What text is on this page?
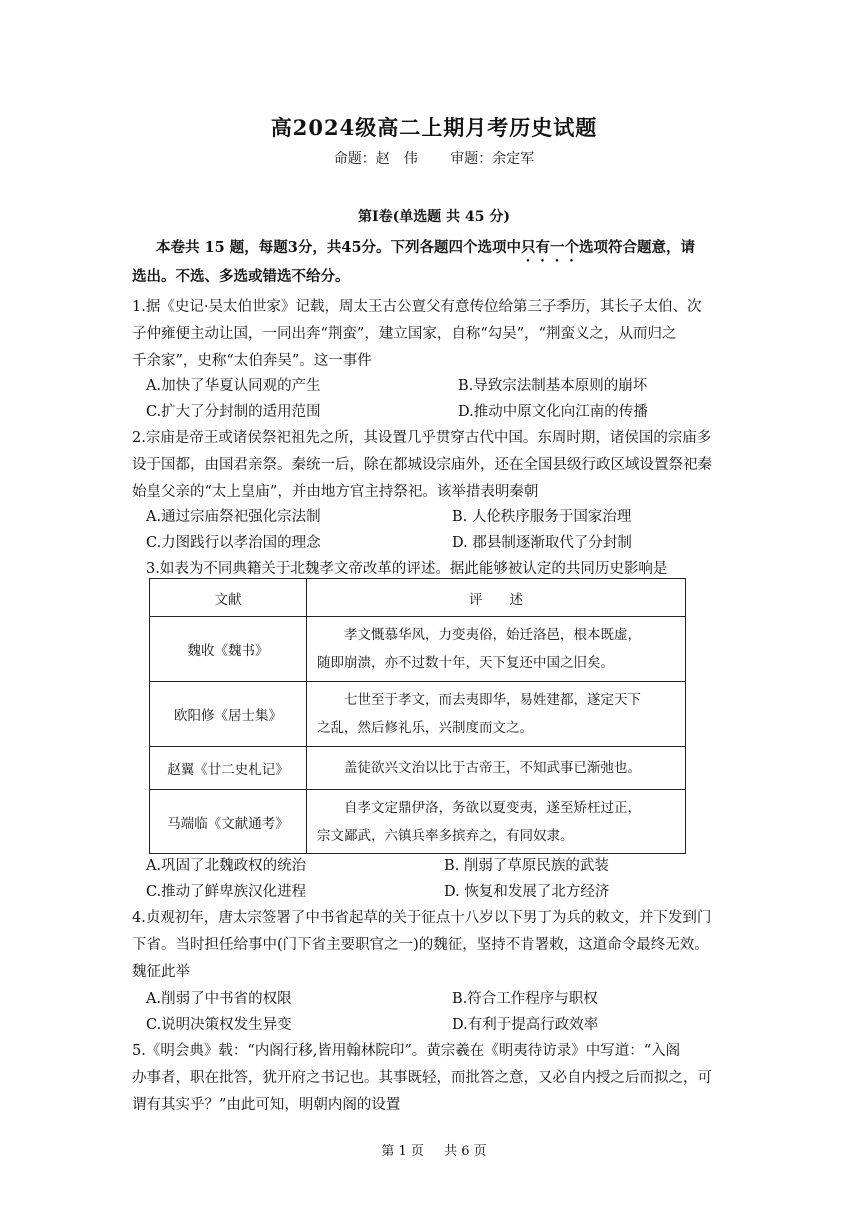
高2024级高二上期月考历史试题
命题：赵　伟 审题：余定军
第Ⅰ卷(单选题 共 45 分)
本卷共 15 题，每题3分，共45分。下列各题四个选项中只有一个选项符合题意，请
选出。不选、多选或错选不给分。
1.据《史记·吴太伯世家》记载，周太王古公亶父有意传位给第三子季历，其长子太伯、次
子仲雍便主动让国，一同出奔“荆蛮”，建立国家，自称“勾吴”，“荆蛮义之，从而归之
千余家”，史称“太伯奔吴”。这一事件
A.加快了华夏认同观的产生	B.导致宗法制基本原则的崩坏
C.扩大了分封制的适用范围	D.推动中原文化向江南的传播
2.宗庙是帝王或诸侯祭祀祖先之所，其设置几乎贯穿古代中国。东周时期，诸侯国的宗庙多
设于国都，由国君亲祭。秦统一后，除在都城设宗庙外，还在全国县级行政区域设置祭祀秦
始皇父亲的“太上皇庙”，并由地方官主持祭祀。该举措表明秦朝
A.通过宗庙祭祀强化宗法制	B. 人伦秩序服务于国家治理
C.力图践行以孝治国的理念	D. 郡县制逐渐取代了分封制
3.如表为不同典籍关于北魏孝文帝改革的评述。据此能够被认定的共同历史影响是
文献	评　　述
魏收《魏书》	孝文慨慕华风，力变夷俗，始迁洛邑，根本既虚，
随即崩溃，亦不过数十年，天下复还中国之旧矣。

欧阳修《居士集》	七世至于孝文，而去夷即华，易姓建都，遂定天下
之乱，然后修礼乐，兴制度而文之。

赵翼《廿二史札记》	盖徒欲兴文治以比于古帝王，不知武事已渐弛也。

马端临《文献通考》	自孝文定鼎伊洛，务欲以夏变夷，遂至矫枉过正，
宗文鄙武，六镇兵率多摈弃之，有同奴隶。
A.巩固了北魏政权的统治	B. 削弱了草原民族的武装
C.推动了鲜卑族汉化进程	D. 恢复和发展了北方经济
4.贞观初年，唐太宗签署了中书省起草的关于征点十八岁以下男丁为兵的敕文，并下发到门
下省。当时担任给事中(门下省主要职官之一)的魏征，坚持不肯署敕，这道命令最终无效。
魏征此举
A.削弱了中书省的权限	B.符合工作程序与职权
C.说明决策权发生异变	D.有利于提高行政效率
5.《明会典》载：“内阁行移,皆用翰林院印”。黄宗羲在《明夷待访录》中写道：“入阁
办事者，职在批答，犹开府之书记也。其事既轻，而批答之意，又必自内授之后而拟之，可
谓有其实乎？”由此可知，明朝内阁的设置
第 1 页 共 6 页
